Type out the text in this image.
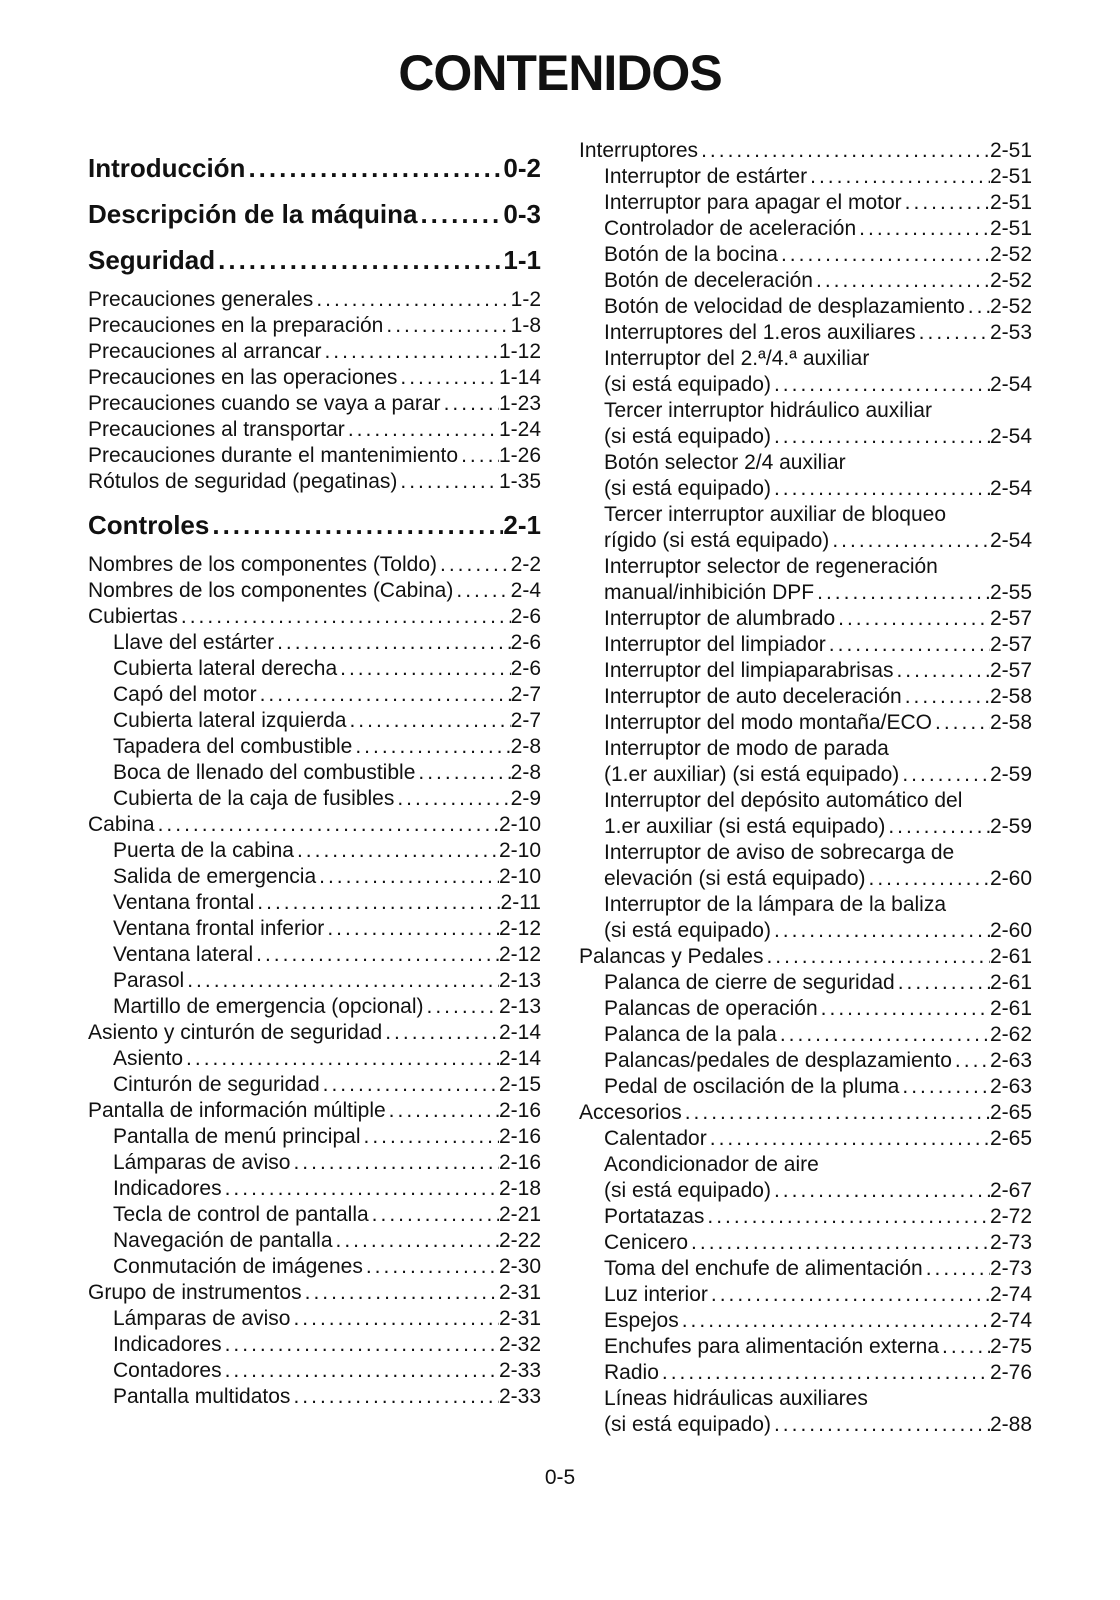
CONTENIDOS
Introducción .....	0-2
Descripción de la máquina .....	0-3
Seguridad .....	1-1
Precauciones generales .....	1-2
Precauciones en la preparación .....	1-8
Precauciones al arrancar .....	1-12
Precauciones en las operaciones .....	1-14
Precauciones cuando se vaya a parar .....	1-23
Precauciones al transportar .....	1-24
Precauciones durante el mantenimiento ..... 1-26
Rótulos de seguridad (pegatinas) .....	1-35
Controles .....	2-1
Nombres de los componentes (Toldo) .....	2-2
Nombres de los componentes (Cabina) .....	2-4
Cubiertas .....	2-6
Llave del estárter .....	2-6
Cubierta lateral derecha .....	2-6
Capó del motor .....	2-7
Cubierta lateral izquierda .....	2-7
Tapadera del combustible .....	2-8
Boca de llenado del combustible .....	2-8
Cubierta de la caja de fusibles .....	2-9
Cabina .....	2-10
Puerta de la cabina .....	2-10
Salida de emergencia .....	2-10
Ventana frontal .....	2-11
Ventana frontal inferior .....	2-12
Ventana lateral .....	2-12
Parasol .....	2-13
Martillo de emergencia (opcional) .....	2-13
Asiento y cinturón de seguridad .....	2-14
Asiento .....	2-14
Cinturón de seguridad .....	2-15
Pantalla de información múltiple .....	2-16
Pantalla de menú principal .....	2-16
Lámparas de aviso .....	2-16
Indicadores .....	2-18
Tecla de control de pantalla .....	2-21
Navegación de pantalla .....	2-22
Conmutación de imágenes .....	2-30
Grupo de instrumentos .....	2-31
Lámparas de aviso .....	2-31
Indicadores .....	2-32
Contadores .....	2-33
Pantalla multidatos .....	2-33
Interruptores .....	2-51
Interruptor de estárter .....	2-51
Interruptor para apagar el motor .....	2-51
Controlador de aceleración .....	2-51
Botón de la bocina .....	2-52
Botón de deceleración .....	2-52
Botón de velocidad de desplazamiento ..... 2-52
Interruptores del 1.eros auxiliares .....	2-53
Interruptor del 2.ª/4.ª auxiliar
(si está equipado) .....	2-54
Tercer interruptor hidráulico auxiliar
(si está equipado) .....	2-54
Botón selector 2/4 auxiliar
(si está equipado) .....	2-54
Tercer interruptor auxiliar de bloqueo
rígido (si está equipado) .....	2-54
Interruptor selector de regeneración
manual/inhibición DPF .....	2-55
Interruptor de alumbrado .....	2-57
Interruptor del limpiador .....	2-57
Interruptor del limpiaparabrisas .....	2-57
Interruptor de auto deceleración .....	2-58
Interruptor del modo montaña/ECO .....	2-58
Interruptor de modo de parada
(1.er auxiliar) (si está equipado) .....	2-59
Interruptor del depósito automático del
1.er auxiliar (si está equipado) .....	2-59
Interruptor de aviso de sobrecarga de
elevación (si está equipado) .....	2-60
Interruptor de la lámpara de la baliza
(si está equipado) .....	2-60
Palancas y Pedales .....	2-61
Palanca de cierre de seguridad .....	2-61
Palancas de operación .....	2-61
Palanca de la pala .....	2-62
Palancas/pedales de desplazamiento ..... 2-63
Pedal de oscilación de la pluma .....	2-63
Accesorios .....	2-65
Calentador .....	2-65
Acondicionador de aire
(si está equipado) .....	2-67
Portatazas .....	2-72
Cenicero .....	2-73
Toma del enchufe de alimentación .....	2-73
Luz interior .....	2-74
Espejos .....	2-74
Enchufes para alimentación externa ..... 2-75
Radio .....	2-76
Líneas hidráulicas auxiliares
(si está equipado) .....	2-88
0-5
